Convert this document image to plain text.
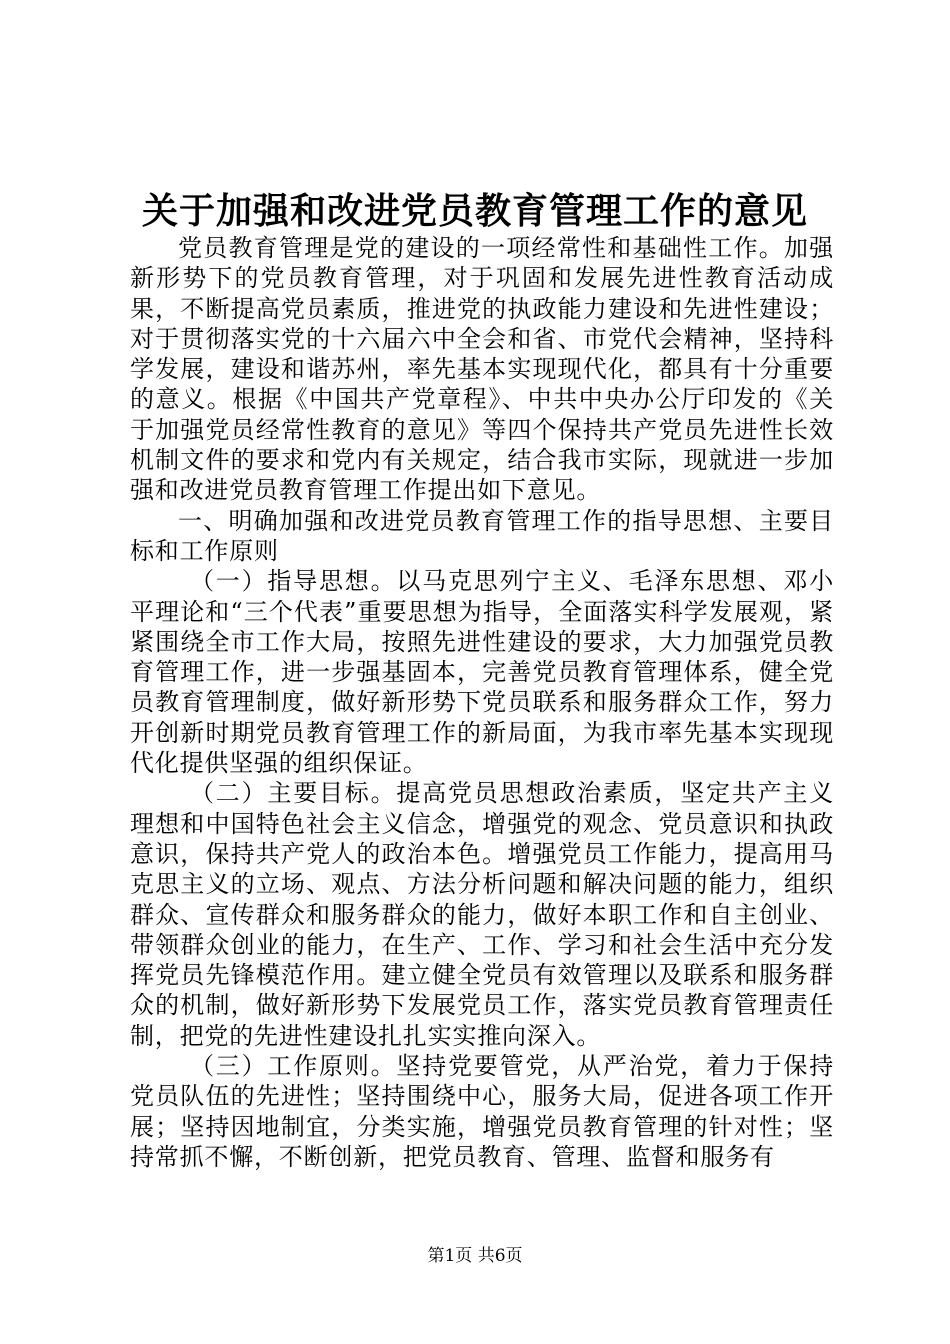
关于加强和改进党员教育管理工作的意见

党员教育管理是党的建设的一项经常性和基础性工作。加强新形势下的党员教育管理，对于巩固和发展先进性教育活动成果，不断提高党员素质，推进党的执政能力建设和先进性建设；对于贯彻落实党的十六届六中全会和省、市党代会精神，坚持科学发展，建设和谐苏州，率先基本实现现代化，都具有十分重要的意义。根据《中国共产党章程》、中共中央办公厅印发的《关于加强党员经常性教育的意见》等四个保持共产党员先进性长效机制文件的要求和党内有关规定，结合我市实际，现就进一步加强和改进党员教育管理工作提出如下意见。

一、明确加强和改进党员教育管理工作的指导思想、主要目标和工作原则

（一）指导思想。以马克思列宁主义、毛泽东思想、邓小平理论和“三个代表”重要思想为指导，全面落实科学发展观，紧紧围绕全市工作大局，按照先进性建设的要求，大力加强党员教育管理工作，进一步强基固本，完善党员教育管理体系，健全党员教育管理制度，做好新形势下党员联系和服务群众工作，努力开创新时期党员教育管理工作的新局面，为我市率先基本实现现代化提供坚强的组织保证。

（二）主要目标。提高党员思想政治素质，坚定共产主义理想和中国特色社会主义信念，增强党的观念、党员意识和执政意识，保持共产党人的政治本色。增强党员工作能力，提高用马克思主义的立场、观点、方法分析问题和解决问题的能力，组织群众、宣传群众和服务群众的能力，做好本职工作和自主创业、带领群众创业的能力，在生产、工作、学习和社会生活中充分发挥党员先锋模范作用。建立健全党员有效管理以及联系和服务群众的机制，做好新形势下发展党员工作，落实党员教育管理责任制，把党的先进性建设扎扎实实推向深入。

（三）工作原则。坚持党要管党，从严治党，着力于保持党员队伍的先进性；坚持围绕中心，服务大局，促进各项工作开展；坚持因地制宜，分类实施，增强党员教育管理的针对性；坚持常抓不懈，不断创新，把党员教育、管理、监督和服务有

第1页 共6页
